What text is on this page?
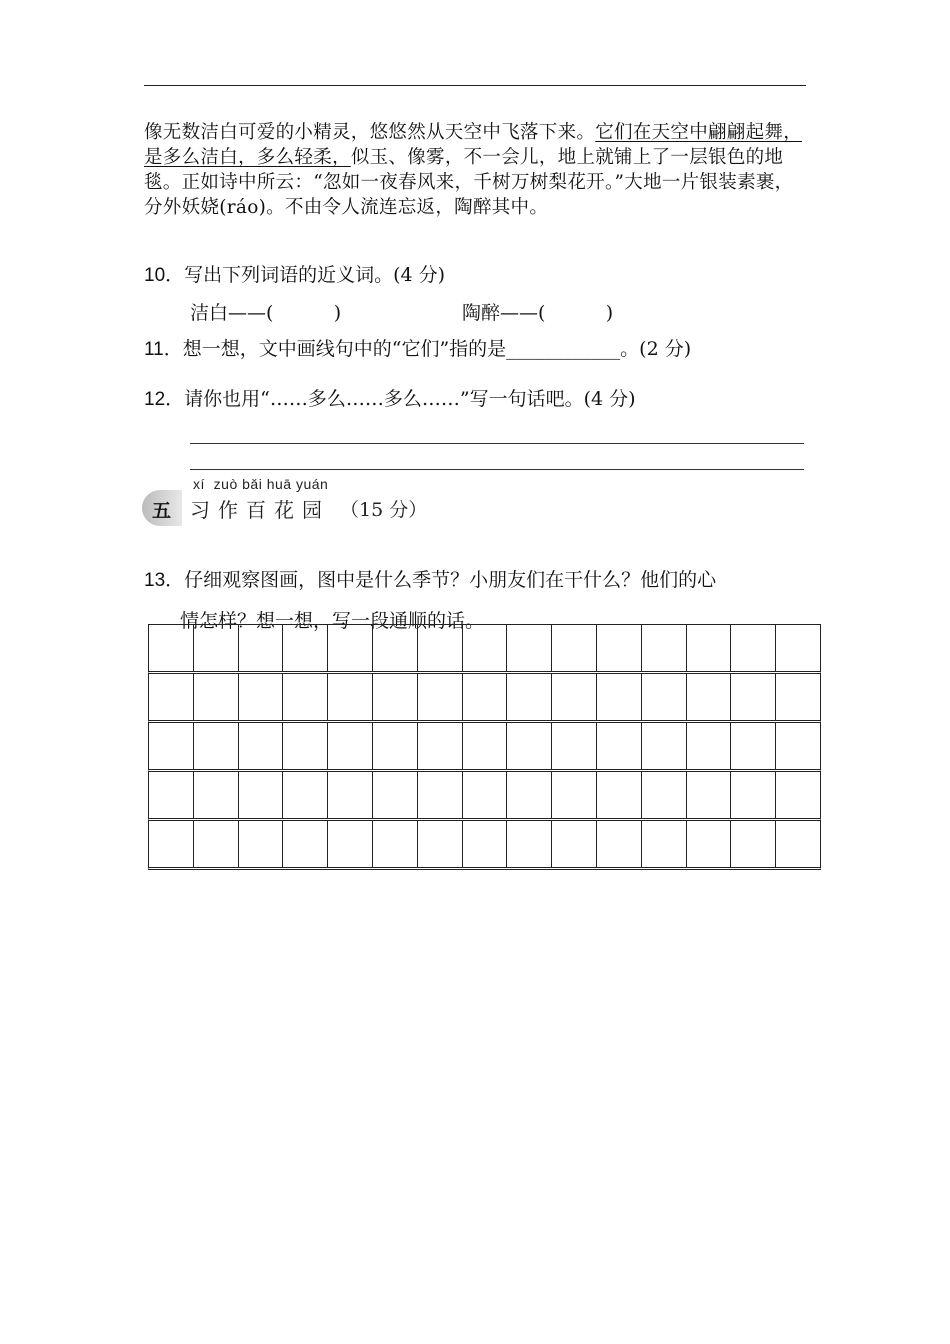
像无数洁白可爱的小精灵，悠悠然从天空中飞落下来。它们在天空中翩翩起舞，是多么洁白，多么轻柔，似玉、像雾，不一会儿，地上就铺上了一层银色的地毯。正如诗中所云：“忽如一夜春风来，千树万树梨花开。”大地一片银装素裹，分外妖娆(ráo)。不由令人流连忘返，陶醉其中。
10．写出下列词语的近义词。(4 分)
洁白——(          )	陶醉——(          )
11．想一想，文中画线句中的“它们”指的是____________。(2 分)
12．请你也用“……多么……多么……”写一句话吧。(4 分)
xí  zuò bǎi huā yuán
五 习作百花园 （15 分）
13．仔细观察图画，图中是什么季节？小朋友们在干什么？他们的心
情怎样？想一想，写一段通顺的话。
